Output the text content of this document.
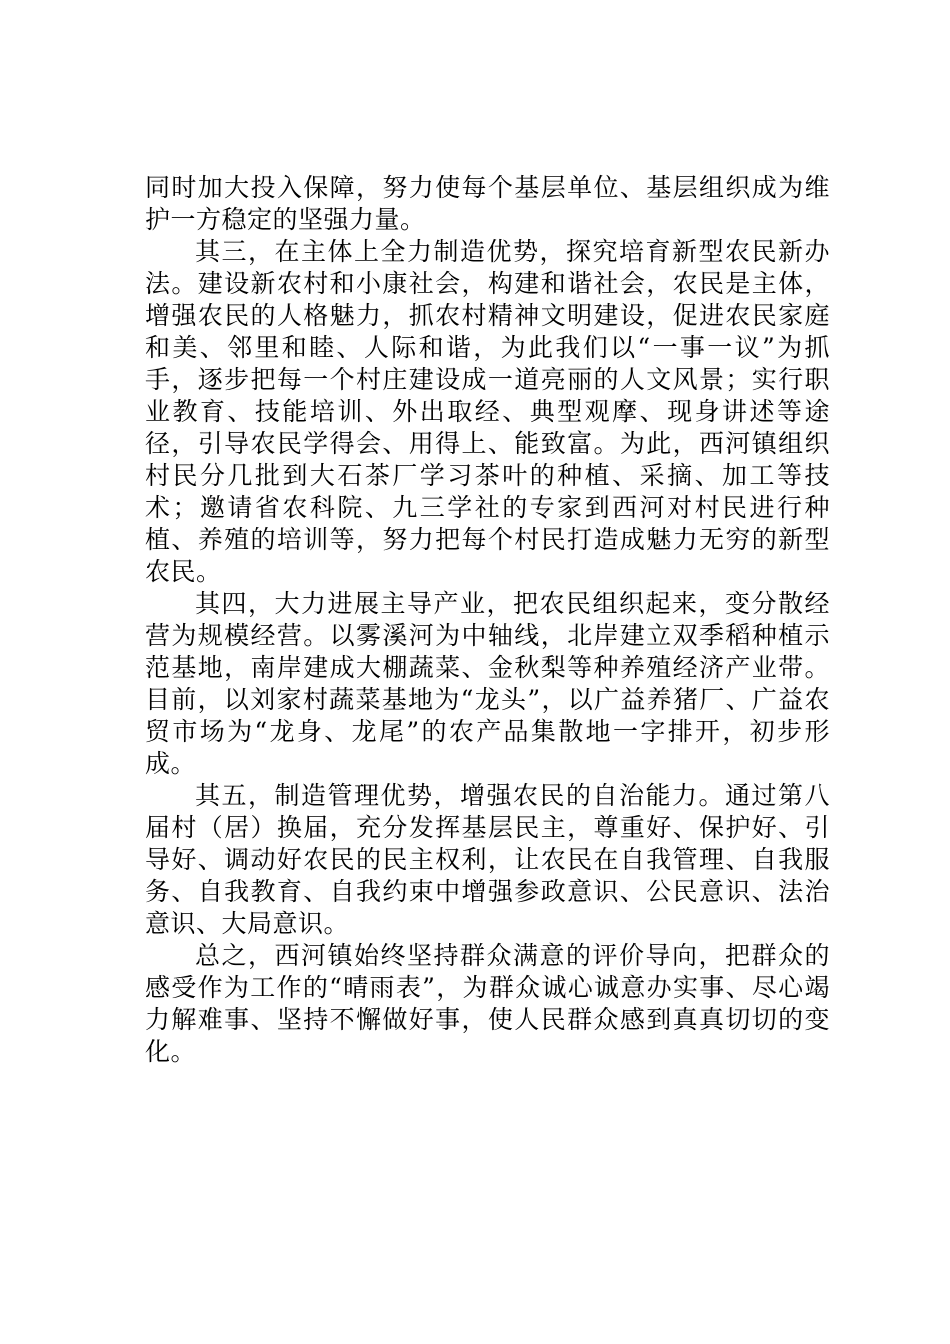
同时加大投入保障，努力使每个基层单位、基层组织成为维护一方稳定的坚强力量。

其三，在主体上全力制造优势，探究培育新型农民新办法。建设新农村和小康社会，构建和谐社会，农民是主体，增强农民的人格魅力，抓农村精神文明建设，促进农民家庭和美、邻里和睦、人际和谐，为此我们以“一事一议”为抓手，逐步把每一个村庄建设成一道亮丽的人文风景；实行职业教育、技能培训、外出取经、典型观摩、现身讲述等途径，引导农民学得会、用得上、能致富。为此，西河镇组织村民分几批到大石茶厂学习茶叶的种植、采摘、加工等技术；邀请省农科院、九三学社的专家到西河对村民进行种植、养殖的培训等，努力把每个村民打造成魅力无穷的新型农民。

其四，大力进展主导产业，把农民组织起来，变分散经营为规模经营。以雾溪河为中轴线，北岸建立双季稻种植示范基地，南岸建成大棚蔬菜、金秋梨等种养殖经济产业带。目前，以刘家村蔬菜基地为“龙头”，以广益养猪厂、广益农贸市场为“龙身、龙尾”的农产品集散地一字排开，初步形成。

其五，制造管理优势，增强农民的自治能力。通过第八届村（居）换届，充分发挥基层民主，尊重好、保护好、引导好、调动好农民的民主权利，让农民在自我管理、自我服务、自我教育、自我约束中增强参政意识、公民意识、法治意识、大局意识。

总之，西河镇始终坚持群众满意的评价导向，把群众的感受作为工作的“晴雨表”，为群众诚心诚意办实事、尽心竭力解难事、坚持不懈做好事，使人民群众感到真真切切的变化。
